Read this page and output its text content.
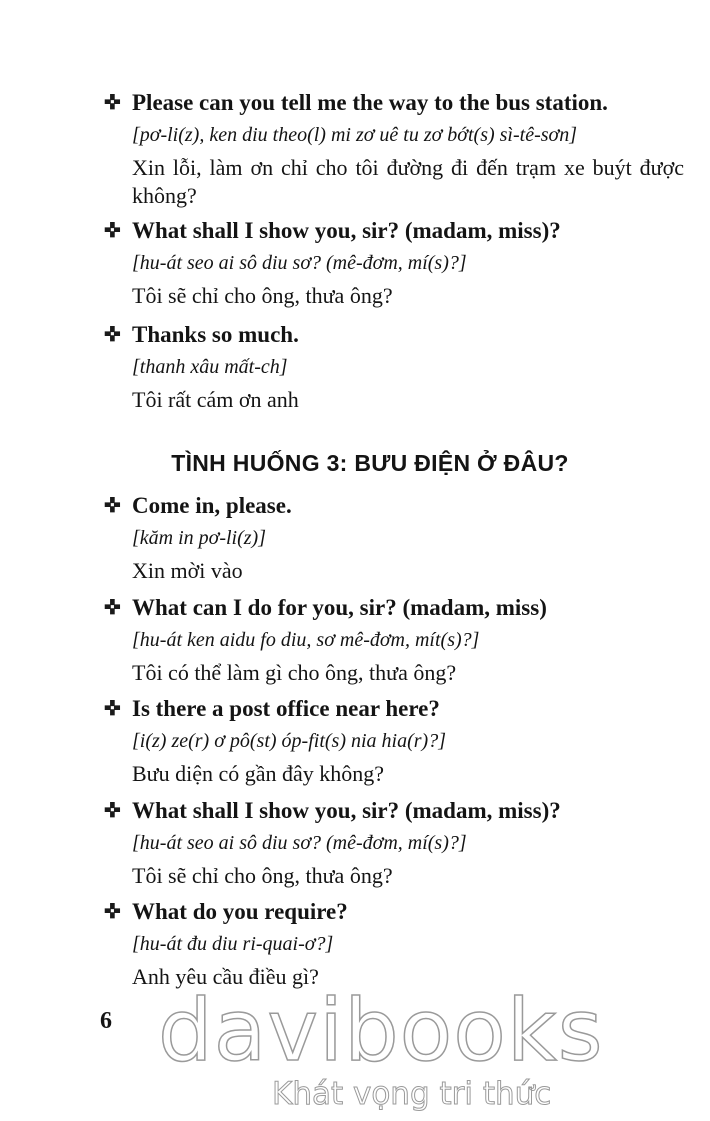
✜ Please can you tell me the way to the bus station.
[pơ-li(z), ken diu theo(l) mi zơ uê tu zơ bớt(s) sì-tê-sơn]
Xin lỗi, làm ơn chỉ cho tôi đường đi đến trạm xe buýt được không?
✜ What shall I show you, sir? (madam, miss)?
[hu-át seo ai sô diu sơ? (mê-đơm, mí(s)?]
Tôi sẽ chỉ cho ông, thưa ông?
✜ Thanks so much.
[thanh xâu mất-ch]
Tôi rất cám ơn anh
TÌNH HUỐNG 3: BƯU ĐIỆN Ở ĐÂU?
✜ Come in, please.
[kăm in pơ-li(z)]
Xin mời vào
✜ What can I do for you, sir? (madam, miss)
[hu-át ken aidu fo diu, sơ mê-đơm, mít(s)?]
Tôi có thể làm gì cho ông, thưa ông?
✜ Is there a post office near here?
[i(z) ze(r) ơ pô(st) óp-fit(s) nia hia(r)?]
Bưu diện có gần đây không?
✜ What shall I show you, sir? (madam, miss)?
[hu-át seo ai sô diu sơ? (mê-đơm, mí(s)?]
Tôi sẽ chỉ cho ông, thưa ông?
✜ What do you require?
[hu-át đu diu ri-quai-ơ?]
Anh yêu cầu điều gì?
6 davibooks
Khát vọng tri thức
